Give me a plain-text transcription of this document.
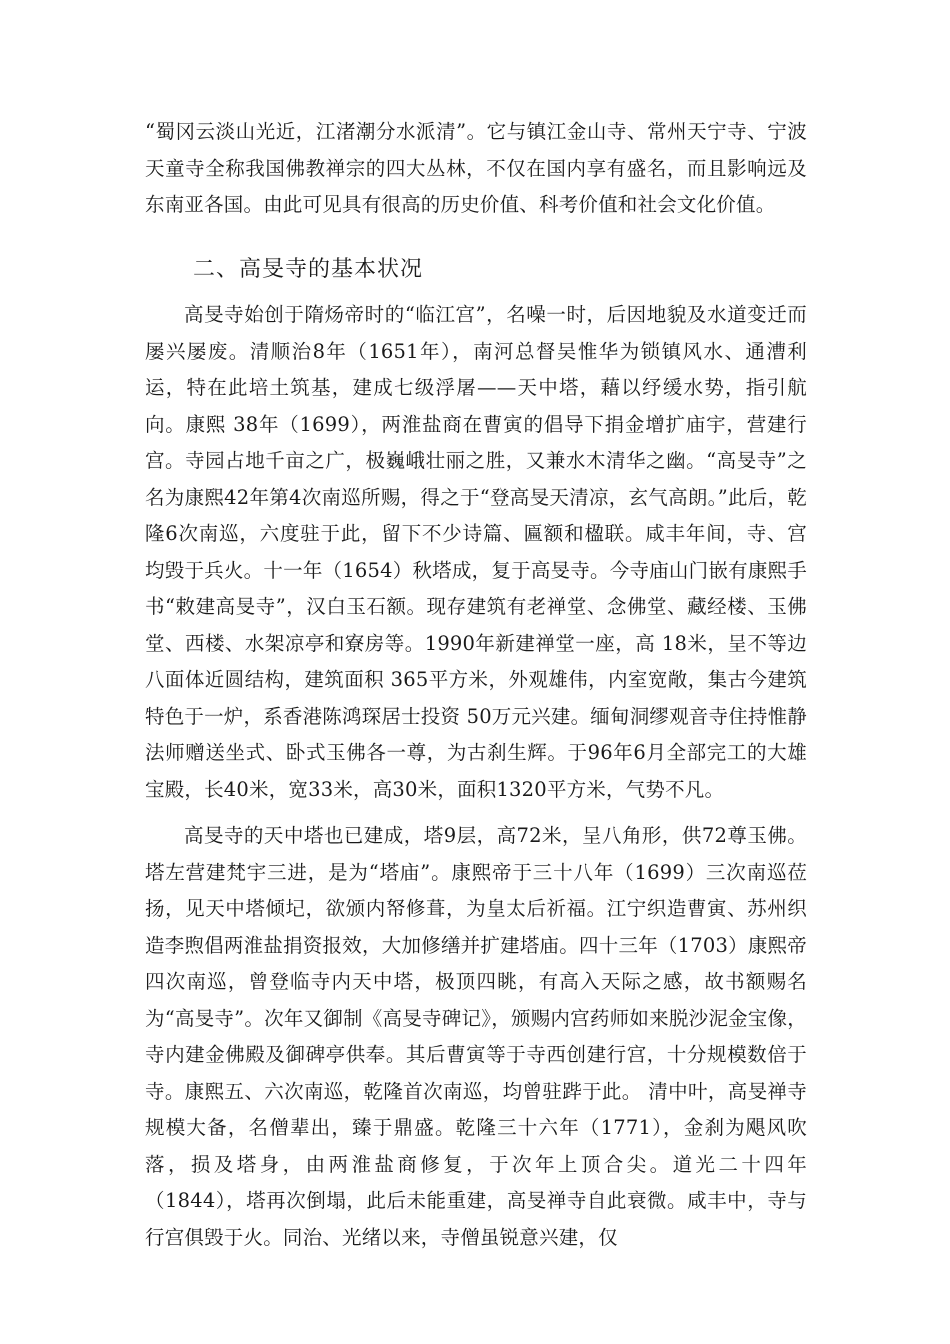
“蜀冈云淡山光近，江渚潮分水派清”。它与镇江金山寺、常州天宁寺、宁波天童寺全称我国佛教禅宗的四大丛林，不仅在国内享有盛名，而且影响远及东南亚各国。由此可见具有很高的历史价值、科考价值和社会文化价值。

二、高旻寺的基本状况

高旻寺始创于隋炀帝时的“临江宫”，名噪一时，后因地貌及水道变迁而屡兴屡废。清顺治8年（1651年），南河总督吴惟华为锁镇风水、通漕利运，特在此培土筑基，建成七级浮屠——天中塔，藉以纾缓水势，指引航向。康熙 38年（1699），两淮盐商在曹寅的倡导下捐金增扩庙宇，营建行宫。寺园占地千亩之广，极巍峨壮丽之胜，又兼水木清华之幽。“高旻寺”之名为康熙42年第4次南巡所赐，得之于“登高旻天清凉，玄气高朗。”此后，乾隆6次南巡，六度驻于此，留下不少诗篇、匾额和楹联。咸丰年间，寺、宫均毁于兵火。十一年（1654）秋塔成，复于高旻寺。今寺庙山门嵌有康熙手书“敕建高旻寺”，汉白玉石额。现存建筑有老禅堂、念佛堂、藏经楼、玉佛堂、西楼、水架凉亭和寮房等。1990年新建禅堂一座，高 18米，呈不等边八面体近圆结构，建筑面积 365平方米，外观雄伟，内室宽敞，集古今建筑特色于一炉，系香港陈鸿琛居士投资 50万元兴建。缅甸洞缪观音寺住持惟静法师赠送坐式、卧式玉佛各一尊，为古刹生辉。于96年6月全部完工的大雄宝殿，长40米，宽33米，高30米，面积1320平方米，气势不凡。

高旻寺的天中塔也已建成，塔9层，高72米，呈八角形，供72尊玉佛。塔左营建梵宇三进，是为“塔庙”。康熙帝于三十八年（1699）三次南巡莅扬，见天中塔倾圮，欲颁内帑修葺，为皇太后祈福。江宁织造曹寅、苏州织造李煦倡两淮盐捐资报效，大加修缮并扩建塔庙。四十三年（1703）康熙帝四次南巡，曾登临寺内天中塔，极顶四眺，有高入天际之感，故书额赐名为“高旻寺”。次年又御制《高旻寺碑记》，颁赐内宫药师如来脱沙泥金宝像，寺内建金佛殿及御碑亭供奉。其后曹寅等于寺西创建行宫，十分规模数倍于寺。康熙五、六次南巡，乾隆首次南巡，均曾驻跸于此。 清中叶，高旻禅寺规模大备，名僧辈出，臻于鼎盛。乾隆三十六年（1771），金刹为飓风吹落，损及塔身，由两淮盐商修复，于次年上顶合尖。道光二十四年（1844），塔再次倒塌，此后未能重建，高旻禅寺自此衰微。咸丰中，寺与行宫俱毁于火。同治、光绪以来，寺僧虽锐意兴建，仅
